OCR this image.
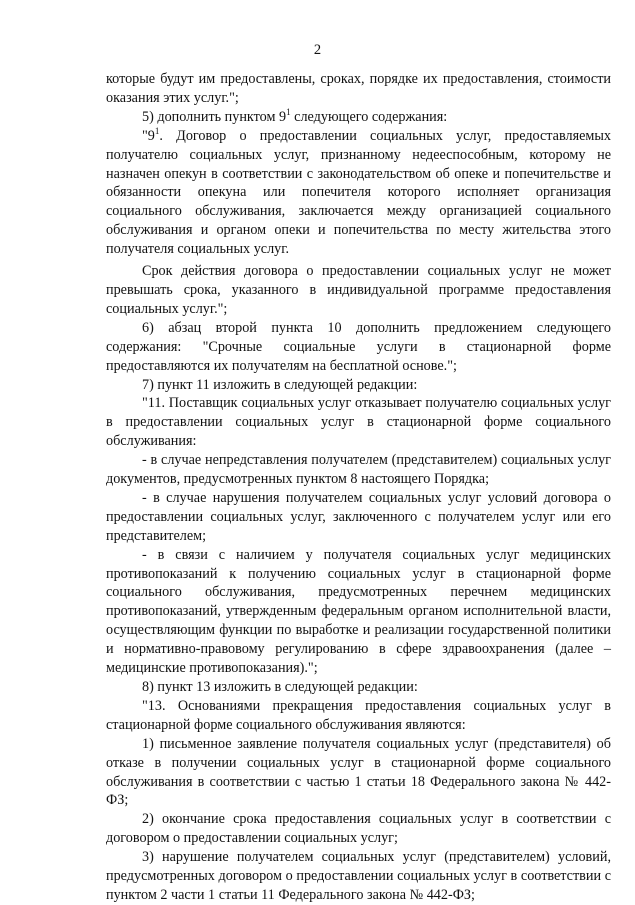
2

которые будут им предоставлены, сроках, порядке их предоставления, стоимости оказания этих услуг.";

5) дополнить пунктом $9^1$ следующего содержания:

"$9^1$. Договор о предоставлении социальных услуг, предоставляемых получателю социальных услуг, признанному недееспособным, которому не назначен опекун в соответствии с законодательством об опеке и попечительстве и обязанности опекуна или попечителя которого исполняет организация социального обслуживания, заключается между организацией социального обслуживания и органом опеки и попечительства по месту жительства этого получателя социальных услуг.

Срок действия договора о предоставлении социальных услуг не может превышать срока, указанного в индивидуальной программе предоставления социальных услуг.";

6) абзац второй пункта 10 дополнить предложением следующего содержания: "Срочные социальные услуги в стационарной форме предоставляются их получателям на бесплатной основе.";

7) пункт 11 изложить в следующей редакции:

"11. Поставщик социальных услуг отказывает получателю социальных услуг в предоставлении социальных услуг в стационарной форме социального обслуживания:

- в случае непредставления получателем (представителем) социальных услуг документов, предусмотренных пунктом 8 настоящего Порядка;

- в случае нарушения получателем социальных услуг условий договора о предоставлении социальных услуг, заключенного с получателем услуг или его представителем;

- в связи с наличием у получателя социальных услуг медицинских противопоказаний к получению социальных услуг в стационарной форме социального обслуживания, предусмотренных перечнем медицинских противопоказаний, утвержденным федеральным органом исполнительной власти, осуществляющим функции по выработке и реализации государственной политики и нормативно-правовому регулированию в сфере здравоохранения (далее – медицинские противопоказания).";

8) пункт 13 изложить в следующей редакции:

"13. Основаниями прекращения предоставления социальных услуг в стационарной форме социального обслуживания являются:

1) письменное заявление получателя социальных услуг (представителя) об отказе в получении социальных услуг в стационарной форме социального обслуживания в соответствии с частью 1 статьи 18 Федерального закона № 442-ФЗ;

2) окончание срока предоставления социальных услуг в соответствии с договором о предоставлении социальных услуг;

3) нарушение получателем социальных услуг (представителем) условий, предусмотренных договором о предоставлении социальных услуг в соответствии с пунктом 2 части 1 статьи 11 Федерального закона № 442-ФЗ;
